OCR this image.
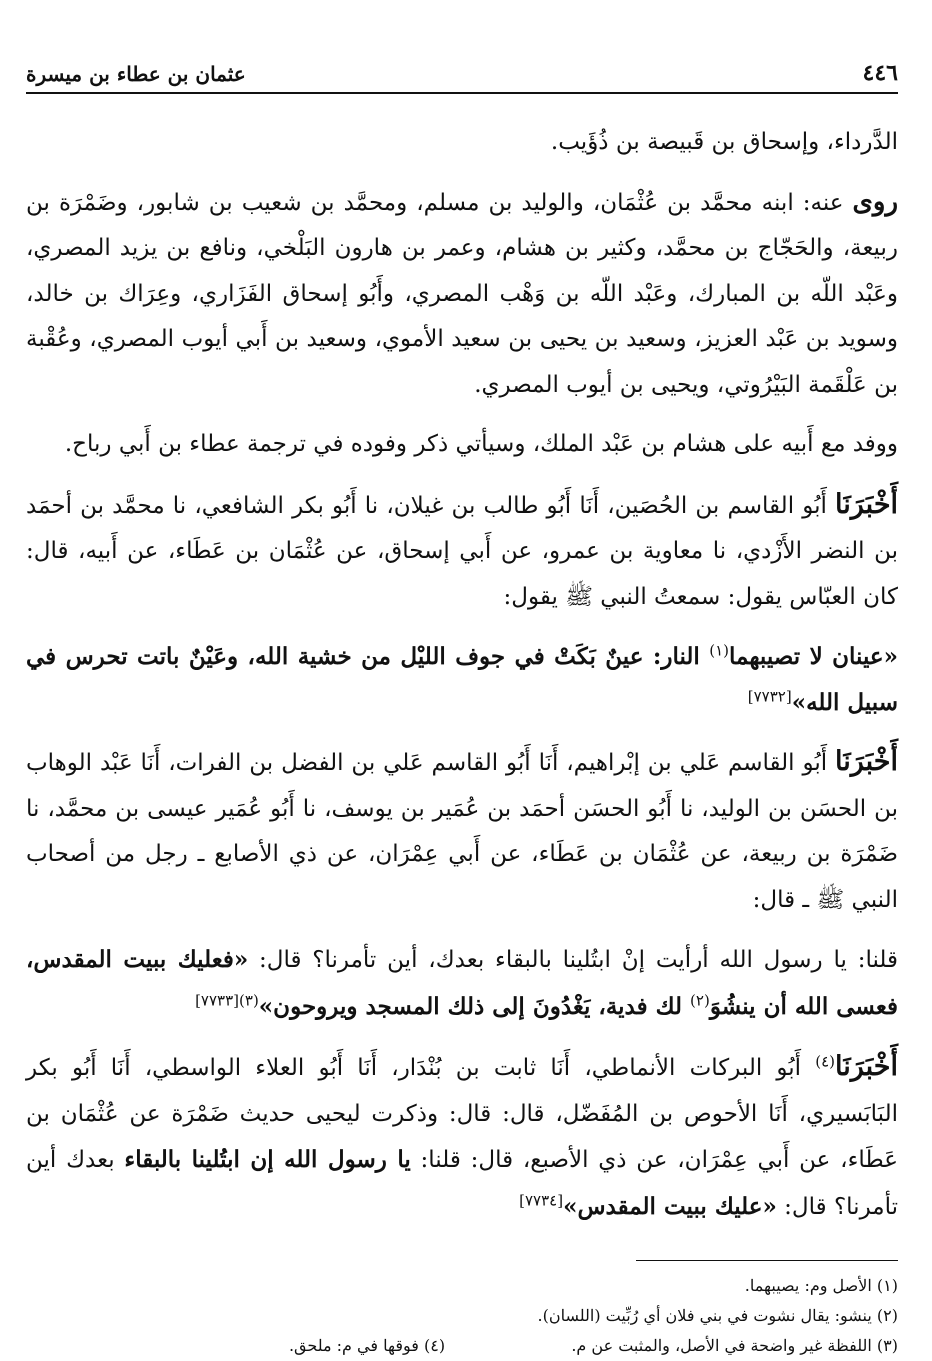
٤٤٦
عثمان بن عطاء بن ميسرة

الدَّرداء، وإسحاق بن قَبيصة بن ذُؤَيب.

روى عنه: ابنه محمَّد بن عُثْمَان، والوليد بن مسلم، ومحمَّد بن شعيب بن شابور، وضَمْرَة بن ربيعة، والحَجّاج بن محمَّد، وكثير بن هشام، وعمر بن هارون البَلْخي، ونافع بن يزيد المصري، وعَبْد اللّه بن المبارك، وعَبْد اللّه بن وَهْب المصري، وأَبُو إسحاق الفَزَاري، وعِرَاك بن خالد، وسويد بن عَبْد العزيز، وسعيد بن يحيى بن سعيد الأموي، وسعيد بن أَبي أيوب المصري، وعُقْبة بن عَلْقَمة البَيْرُوتي، ويحيى بن أيوب المصري.

ووفد مع أَبيه على هشام بن عَبْد الملك، وسيأتي ذكر وفوده في ترجمة عطاء بن أَبي رباح.

أَخْبَرَنَا أَبُو القاسم بن الحُصَين، أَنَا أَبُو طالب بن غيلان، نا أَبُو بكر الشافعي، نا محمَّد بن أحمَد بن النضر الأَزْدي، نا معاوية بن عمرو، عن أَبي إسحاق، عن عُثْمَان بن عَطَاء، عن أَبيه، قال: كان العبّاس يقول: سمعتُ النبي ﷺ يقول:

«عينان لا تصيبهما$^{(١)}$ النار: عينٌ بَكَتْ في جوف الليْل من خشية الله، وعَيْنٌ باتت تحرس في سبيل الله»[٧٧٣٢]

أَخْبَرَنَا أَبُو القاسم عَلي بن إبْراهيم، أَنَا أَبُو القاسم عَلي بن الفضل بن الفرات، أَنَا عَبْد الوهاب بن الحسَن بن الوليد، نا أَبُو الحسَن أحمَد بن عُمَير بن يوسف، نا أَبُو عُمَير عيسى بن محمَّد، نا ضَمْرَة بن ربيعة، عن عُثْمَان بن عَطَاء، عن أَبي عِمْرَان، عن ذي الأصابع ـ رجل من أصحاب النبي ﷺ ـ قال:

قلنا: يا رسول الله أرأيت إنْ ابتُلينا بالبقاء بعدك، أين تأمرنا؟ قال: «فعليك ببيت المقدس، فعسى الله أن ينشُوَ$^{(٢)}$ لك فدية، يَغْدُونَ إلى ذلك المسجد ويروحون»$^{(٣)[٧٧٣٣]}$

أَخْبَرَنَا$^{(٤)}$ أَبُو البركات الأنماطي، أَنَا ثابت بن بُنْدَار، أَنَا أَبُو العلاء الواسطي، أَنَا أَبُو بكر البَابَسيري، أَنَا الأحوص بن المُفَضّل، قال: قال: وذكرت ليحيى حديث ضَمْرَة عن عُثْمَان بن عَطَاء، عن أَبي عِمْرَان، عن ذي الأصبع، قال: قلنا: يا رسول الله إن ابتُلينا بالبقاء بعدك أين تأمرنا؟ قال: «عليك ببيت المقدس»[٧٧٣٤]

(١) الأصل وم: يصيبهما.
(٢) ينشو: يقال نشوت في بني فلان أي رُبِّيت (اللسان).
(٣) اللفظة غير واضحة في الأصل، والمثبت عن م.
(٤) فوقها في م: ملحق.
